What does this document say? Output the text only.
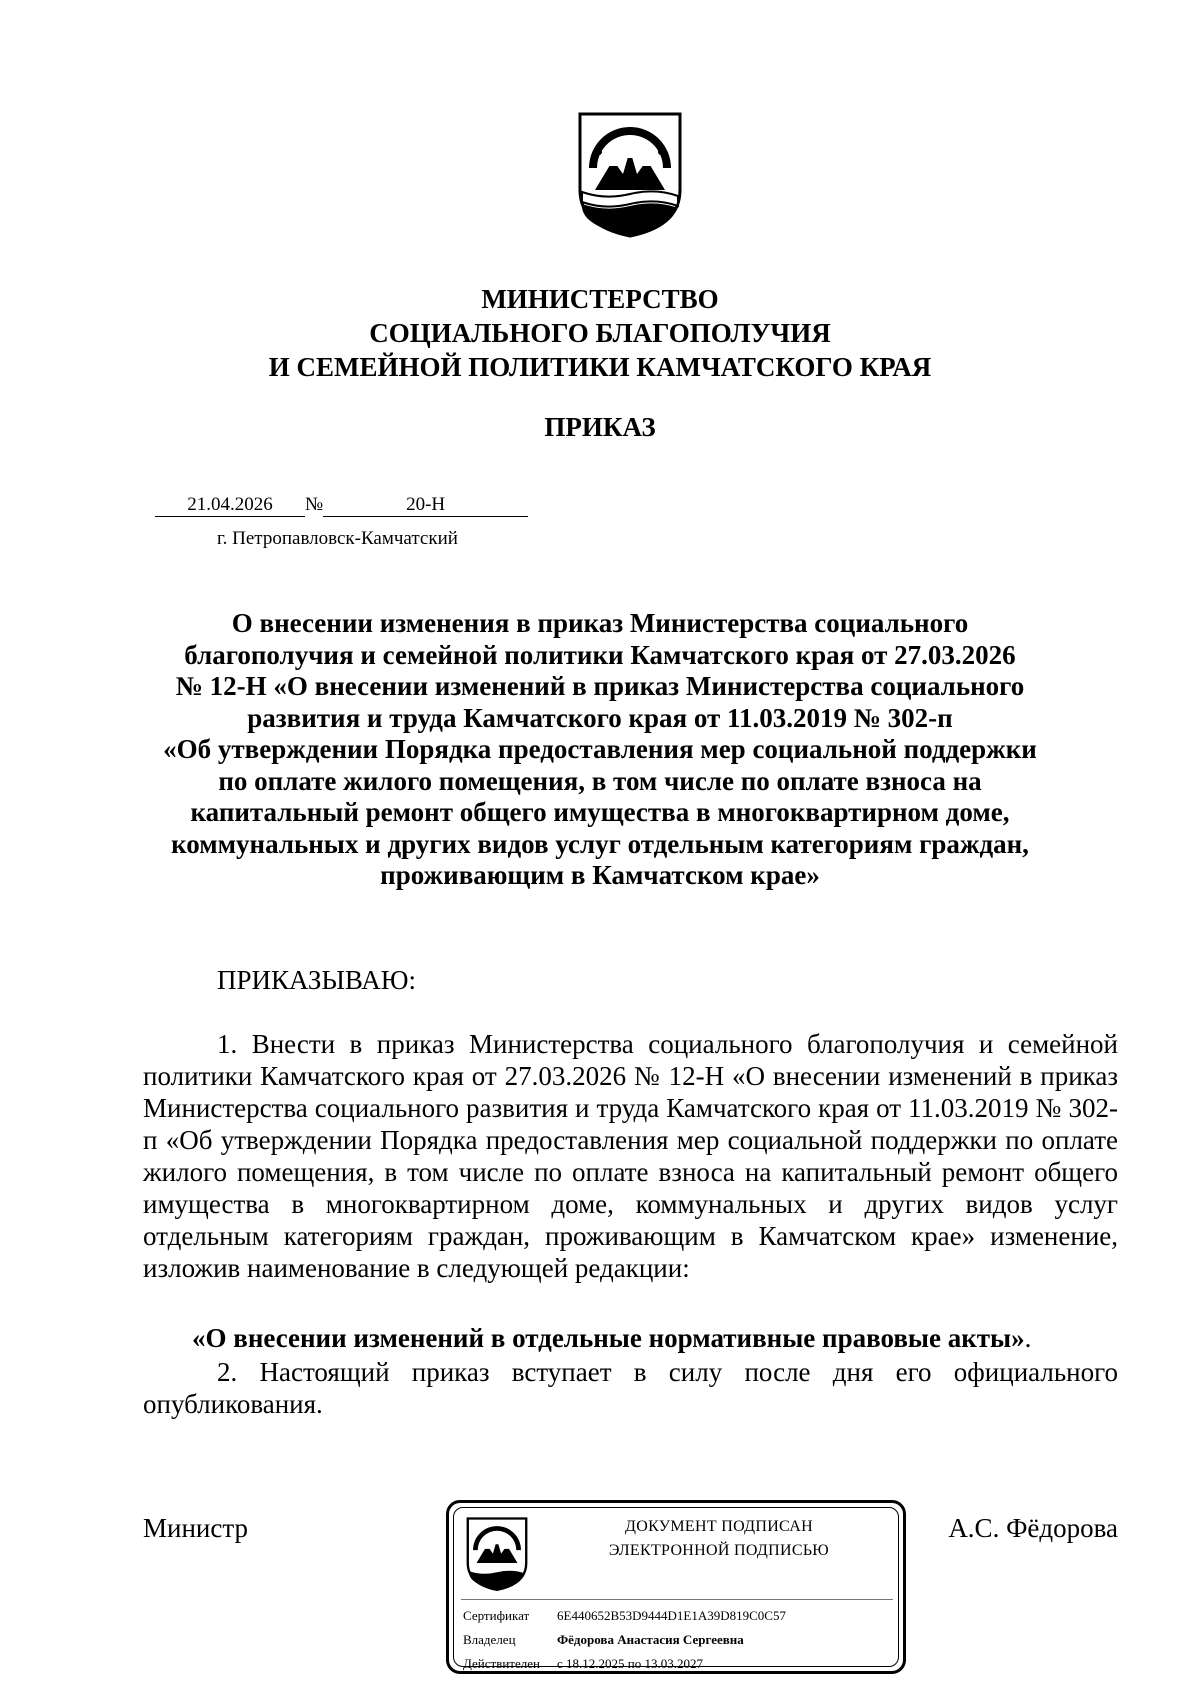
МИНИСТЕРСТВО
СОЦИАЛЬНОГО БЛАГОПОЛУЧИЯ
И СЕМЕЙНОЙ ПОЛИТИКИ КАМЧАТСКОГО КРАЯ
ПРИКАЗ
21.04.2026 №	20-Н
г. Петропавловск-Камчатский
О внесении изменения в приказ Министерства социального
благополучия и семейной политики Камчатского края от 27.03.2026
№ 12-Н «О внесении изменений в приказ Министерства социального
развития и труда Камчатского края от 11.03.2019 № 302-п
«Об утверждении Порядка предоставления мер социальной поддержки
по оплате жилого помещения, в том числе по оплате взноса на
капитальный ремонт общего имущества в многоквартирном доме,
коммунальных и других видов услуг отдельным категориям граждан,
проживающим в Камчатском крае»
ПРИКАЗЫВАЮ:
1. Внести в приказ Министерства социального благополучия и семейной политики Камчатского края от 27.03.2026 № 12-Н «О внесении изменений в приказ Министерства социального развития и труда Камчатского края от 11.03.2019 № 302-п «Об утверждении Порядка предоставления мер социальной поддержки по оплате жилого помещения, в том числе по оплате взноса на капитальный ремонт общего имущества в многоквартирном доме, коммунальных и других видов услуг отдельным категориям граждан, проживающим в Камчатском крае» изменение, изложив наименование в следующей редакции:
«О внесении изменений в отдельные нормативные правовые акты».
2. Настоящий приказ вступает в силу после дня его официального опубликования.
Министр	А.С. Фёдорова
ДОКУМЕНТ ПОДПИСАН
ЭЛЕКТРОННОЙ ПОДПИСЬЮ
Сертификат 6E440652B53D9444D1E1A39D819C0C57
Владелец	Фёдорова Анастасия Сергеевна
Действителен с 18.12.2025 по 13.03.2027
